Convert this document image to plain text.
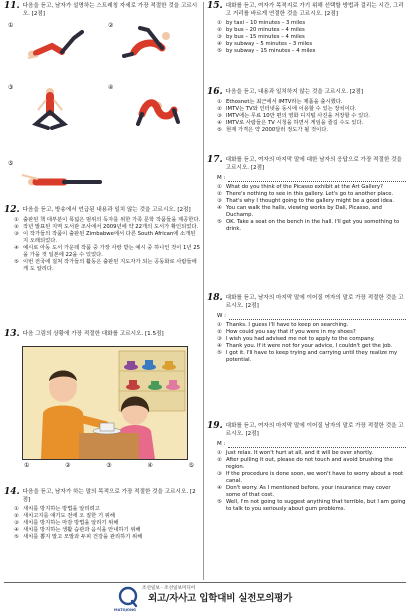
11. 다음을 듣고, 남자가 설명하는 스트레칭 자세로 가장 적절한 것을 고르시오. [2점]
①	②
③	④
⑤
12. 다음을 듣고, 방송에서 언급된 내용과 일치 않는 것을 고르시오. [2점]
① 출판된 책 대부분이 폭넓은 범위의 독자를 위한 가족 문학 작품들을 제공한다.
② 작년 발표된 지역 도서관 조사에서 2009년에 약 22개의 도서가 확인되었다.
③ 이 작가들의 작품이 출판된 Zimbabwe에서 다른 South African에 소개된 지 오래되었다.
④ 예시로 아동 도서 가운데 작품 중 가장 사랑 받는 예시 중 하나인 것이 1년 25을 가을 것 일본에 22을 수 있었다.
⑤ 이번 전국에 걸쳐 작가들의 활동은 출판된 지도자가 되는 공동화로 사람들에게 도 알리다.
13. 다음 그림의 상황에 가장 적절한 대화를 고르시오. [1.5점]
①	②	③	④	⑤
14. 다음을 듣고, 남자가 하는 말의 목적으로 가장 적절한 것을 고르시오. [2점]
① 새치를 방지하는 방법을 알리려고
② 새치고지를 얘기도 전에 오 질한 기 위해
③ 새치를 방지하는 마감 방법을 알리기 위해
④ 새치를 방지하는 생활 습관과 음식을 안내하기 위해
⑤ 새치를 뽑지 말고 모발과 두피 건강을 관리하기 위해
15. 대화를 듣고, 여자가 목적지로 가기 위해 선택할 방법과 걸리는 시간, 그리고 거리를 바르게 연결한 것을 고르시오. [2점]
① by taxi – 10 minutes – 3 miles
② by bus – 20 minutes – 4 miles
③ by bus – 15 minutes – 4 miles
④ by subway – 5 minutes – 3 miles
⑤ by subway – 15 minutes – 4 miles
16. 다음을 듣고, 내용과 일치하지 않는 것을 고르시오. [2점]
① Ethosnet는 최근에서 IMTV라는 제품을 출시했다.
② IMTV는 TV와 인터넷을 동시에 이용할 수 있는 장치이다.
③ IMTV에는 무료 10만 편의 영화 디지털 사진을 저장할 수 있다.
④ IMTV로 사람들은 TV 시청을 하면서 게임을 즐길 수도 있다.
⑤ 현재 가격은 약 2000달러 정도가 될 것이다.
17. 대화를 듣고, 여자의 마지막 말에 대한 남자의 응답으로 가장 적절한 것을 고르시오. [2점]
M :
① What do you think of the Picasso exhibit at the Art Gallery?
② There's nothing to see in this gallery. Let's go to another place.
③ That's why I thought going to the gallery might be a good idea.
④ You can walk the halls, viewing works by Dali, Picasso, and Duchamp.
⑤ OK. Take a seat on the bench in the hall. I'll get you something to drink.
18. 대화를 듣고, 남자의 마지막 말에 이어질 여자의 말로 가장 적절한 것을 고르시오. [2점]
W :
① Thanks. I guess I'll have to keep on searching.
② How could you say that if you were in my shoes?
③ I wish you had advised me not to apply to the company.
④ Thank you. If it were not for your advice, I couldn't get the job.
⑤ I got it. I'll have to keep trying and carrying until they realize my potential.
19. 대화를 듣고, 여자의 마지막 말에 이어질 남자의 말로 가장 적절한 것을 고르시오. [2점]
M :
① Just relax. It won't hurt at all, and it will be over shortly.
② After pulling it out, please do not touch and avoid brushing the region.
③ If the procedure is done soon, we won't have to worry about a root canal.
④ Don't worry. As I mentioned before, your insurance may cover some of that cost.
⑤ Well, I'm not going to suggest anything that terrible, but I am going to talk to you seriously about gum problems.
MATOJONG
조선일보 · 조선일보미디어
외고/자사고 입학대비 실전모의평가
